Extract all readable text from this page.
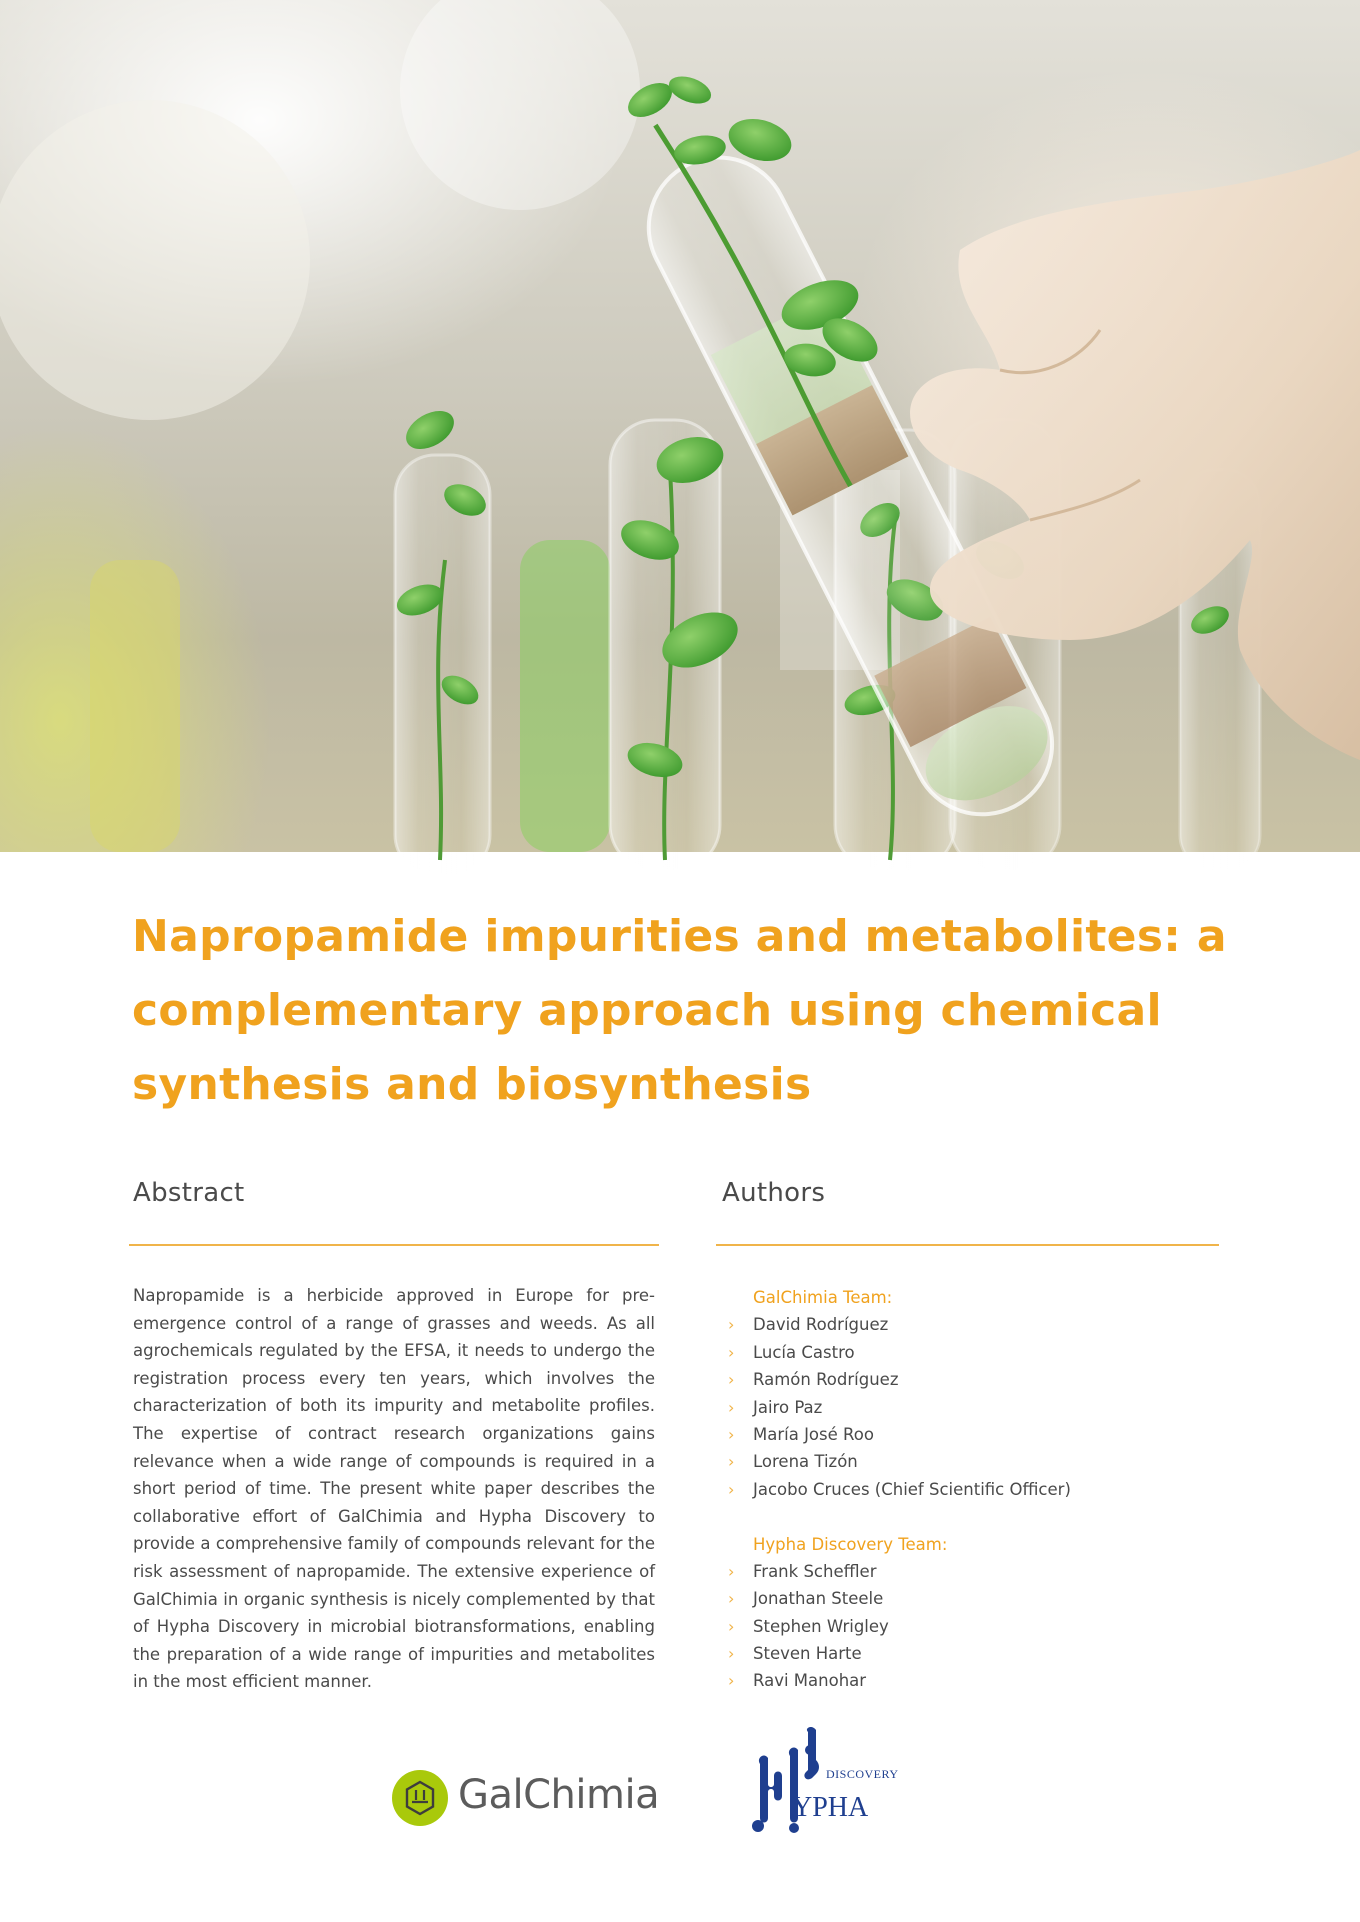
Napropamide impurities and metabolites: a complementary approach using chemical synthesis and biosynthesis
Abstract

Napropamide is a herbicide approved in Europe for pre-emergence control of a range of grasses and weeds. As all agrochemicals regulated by the EFSA, it needs to undergo the registration process every ten years, which involves the characterization of both its impurity and metabolite profiles. The expertise of contract research organizations gains relevance when a wide range of compounds is required in a short period of time. The present white paper describes the collaborative effort of GalChimia and Hypha Discovery to provide a comprehensive family of compounds relevant for the risk assessment of napropamide. The extensive experience of GalChimia in organic synthesis is nicely complemented by that of Hypha Discovery in microbial biotransformations, enabling the preparation of a wide range of impurities and metabolites in the most efficient manner.

Authors

GalChimia Team:

› David Rodríguez
› Lucía Castro
› Ramón Rodríguez
› Jairo Paz
› María José Roo
› Lorena Tizón
› Jacobo Cruces (Chief Scientific Officer)

Hypha Discovery Team:

› Frank Scheffler
› Jonathan Steele
› Stephen Wrigley
› Steven Harte
› Ravi Manohar
GalChimia	DISCOVERY
YPHA
